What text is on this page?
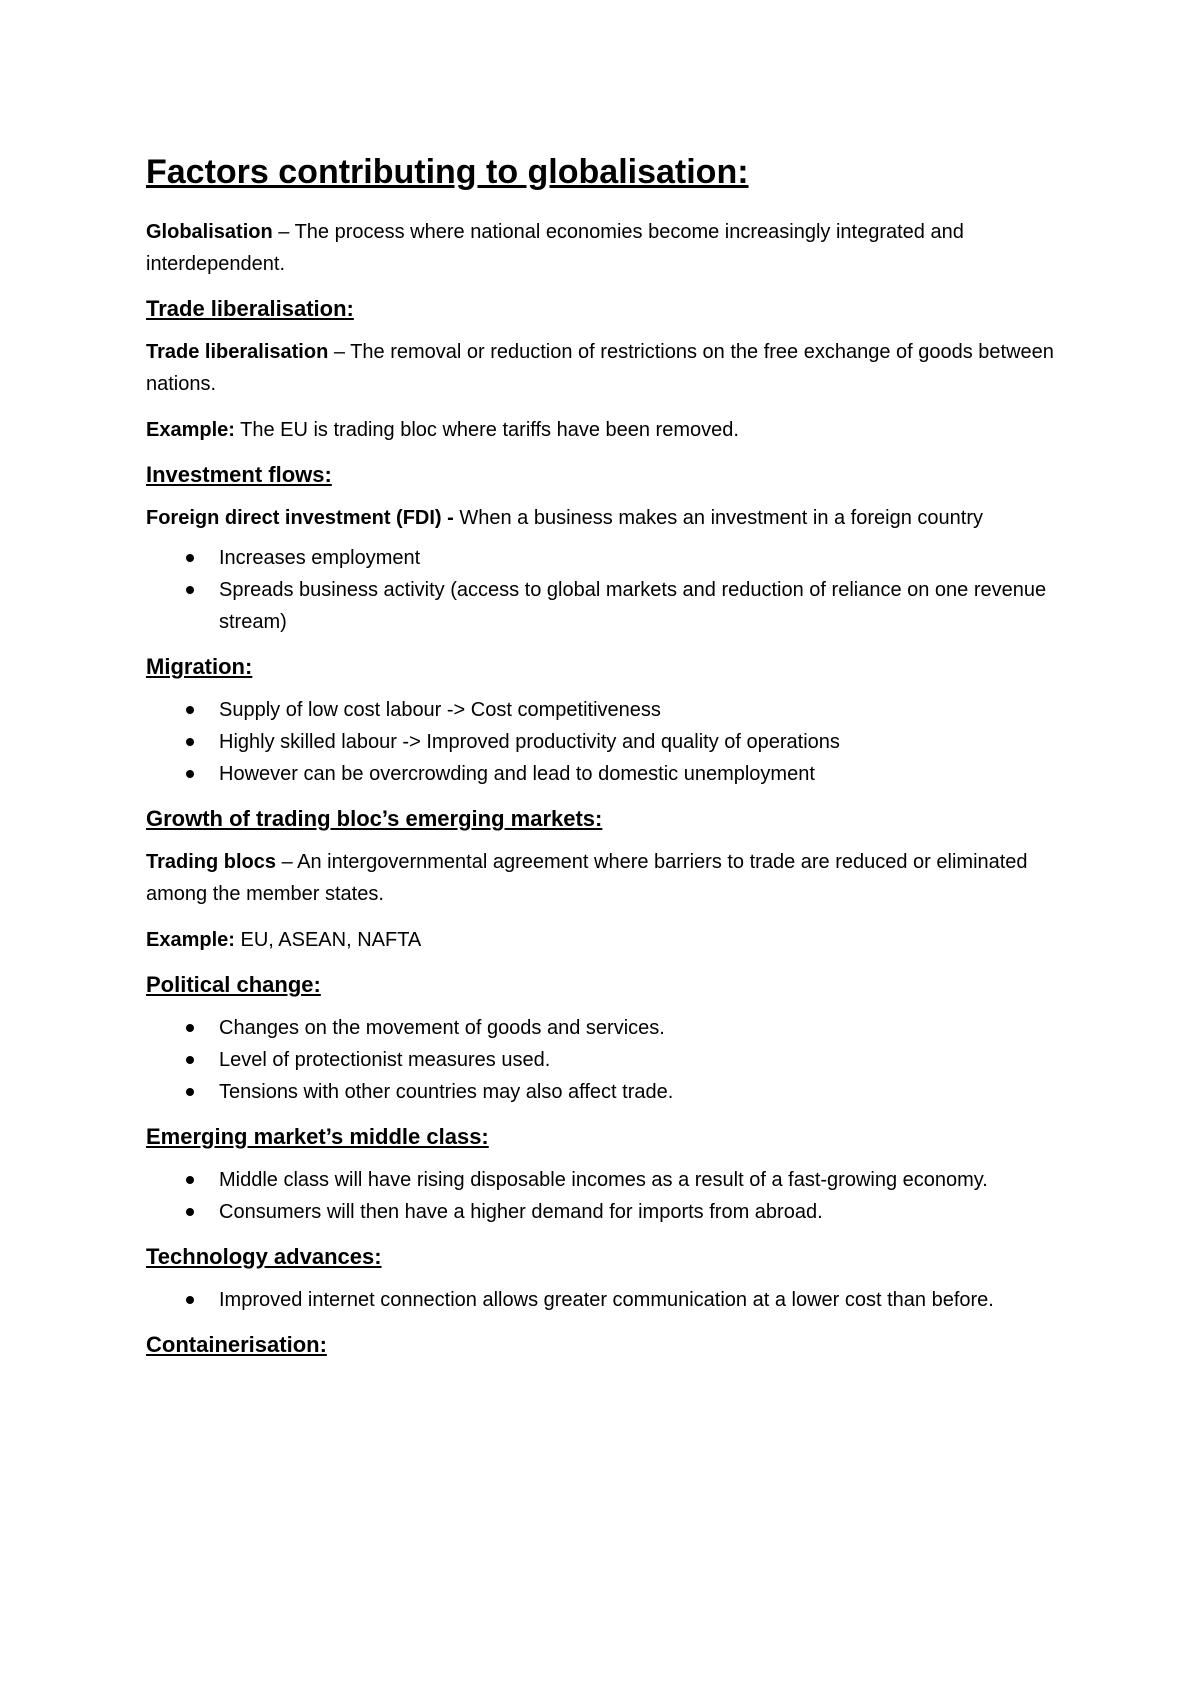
Factors contributing to globalisation:

Globalisation – The process where national economies become increasingly integrated and interdependent.

Trade liberalisation:

Trade liberalisation – The removal or reduction of restrictions on the free exchange of goods between nations.

Example: The EU is trading bloc where tariffs have been removed.

Investment flows:

Foreign direct investment (FDI) - When a business makes an investment in a foreign country

Increases employment
Spreads business activity (access to global markets and reduction of reliance on one revenue stream)
Migration:
Supply of low cost labour -> Cost competitiveness
Highly skilled labour -> Improved productivity and quality of operations
However can be overcrowding and lead to domestic unemployment
Growth of trading bloc’s emerging markets:

Trading blocs – An intergovernmental agreement where barriers to trade are reduced or eliminated among the member states.

Example: EU, ASEAN, NAFTA

Political change:
Changes on the movement of goods and services.
Level of protectionist measures used.
Tensions with other countries may also affect trade.
Emerging market’s middle class:
Middle class will have rising disposable incomes as a result of a fast-growing economy.
Consumers will then have a higher demand for imports from abroad.
Technology advances:
Improved internet connection allows greater communication at a lower cost than before.
Containerisation:
